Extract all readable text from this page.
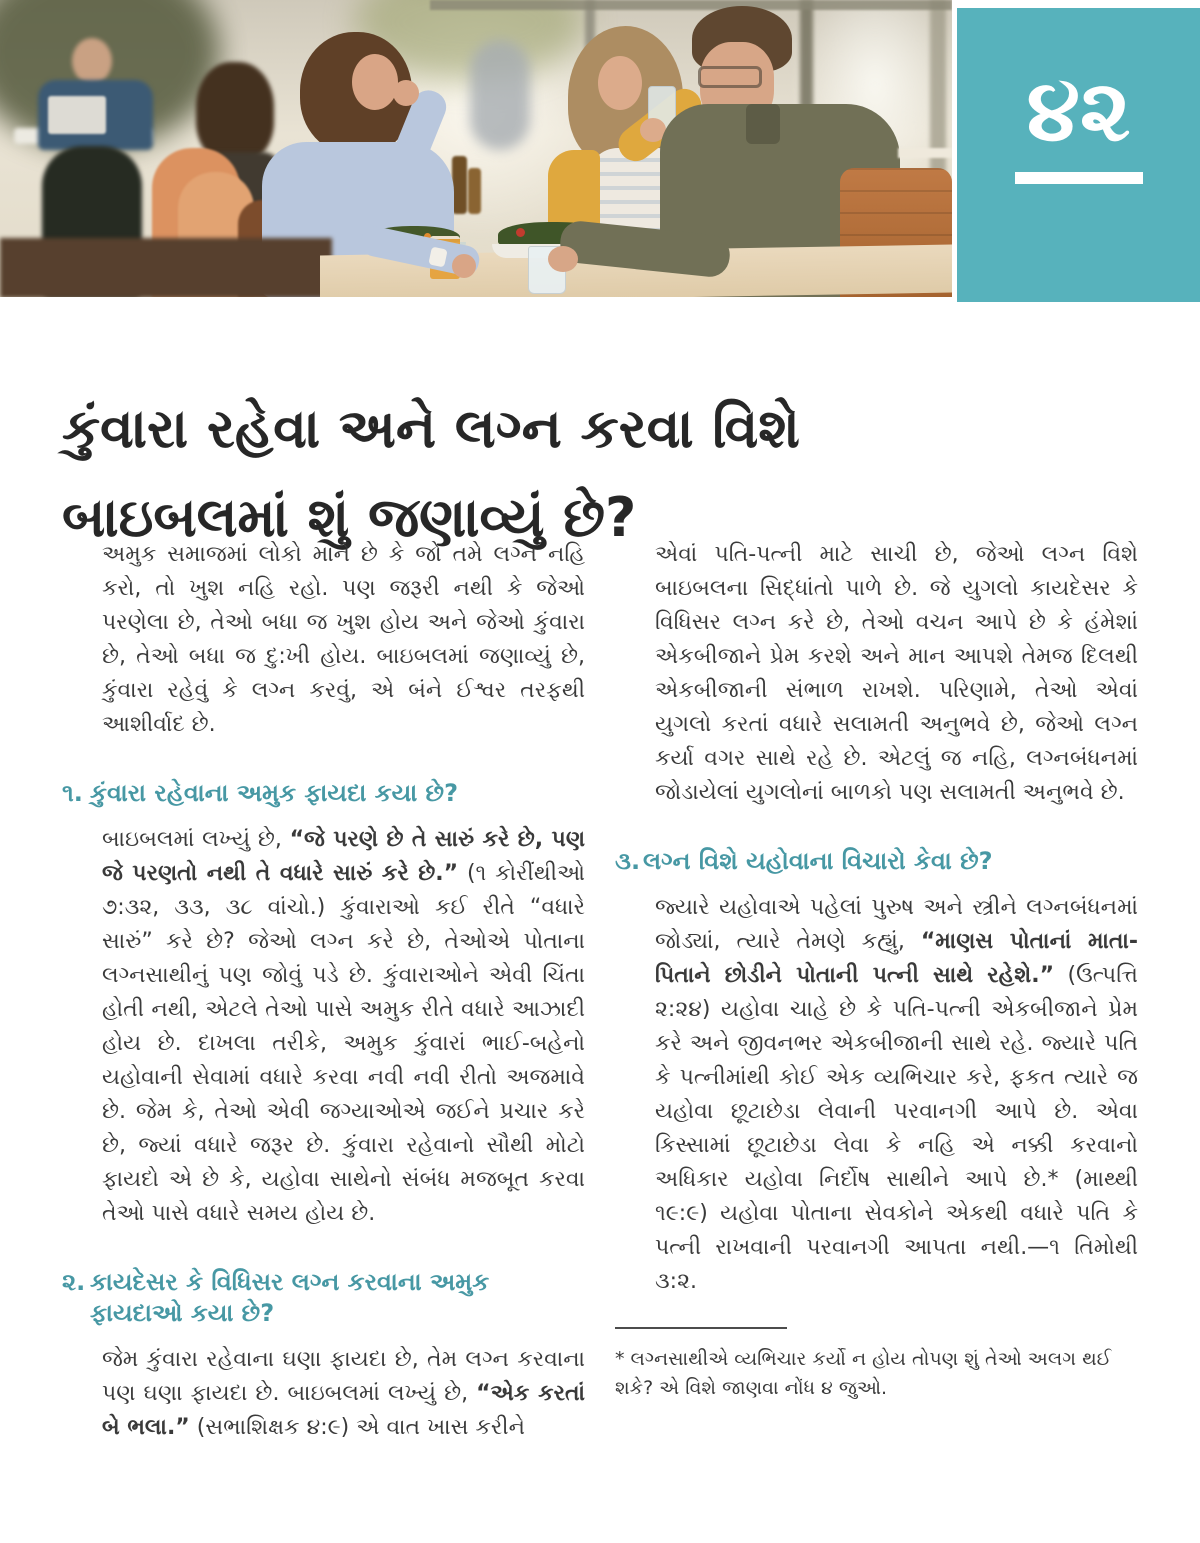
૪૨
કુંવારા રહેવા અને લગ્ન કરવા વિશે
બાઇબલમાં શું જણાવ્યું છે?

અમુક સમાજમાં લોકો માને છે કે જો તમે લગ્ન નહિ કરો, તો ખુશ નહિ રહો. પણ જરૂરી નથી કે જેઓ પરણેલા છે, તેઓ બધા જ ખુશ હોય અને જેઓ કુંવારા છે, તેઓ બધા જ દુ:ખી હોય. બાઇબલમાં જણાવ્યું છે, કુંવારા રહેવું કે લગ્ન કરવું, એ બંને ઈશ્વર તરફથી આશીર્વાદ છે.

૧. કુંવારા રહેવાના અમુક ફાયદા કયા છે?

બાઇબલમાં લખ્યું છે, “જે પરણે છે તે સારું કરે છે, પણ જે પરણતો નથી તે વધારે સારું કરે છે.” (૧ કોરીંથીઓ ૭:૩૨, ૩૩, ૩૮ વાંચો.) કુંવારાઓ કઈ રીતે “વધારે સારું” કરે છે? જેઓ લગ્ન કરે છે, તેઓએ પોતાના લગ્નસાથીનું પણ જોવું પડે છે. કુંવારાઓને એવી ચિંતા હોતી નથી, એટલે તેઓ પાસે અમુક રીતે વધારે આઝાદી હોય છે. દાખલા તરીકે, અમુક કુંવારાં ભાઈ-બહેનો યહોવાની સેવામાં વધારે કરવા નવી નવી રીતો અજમાવે છે. જેમ કે, તેઓ એવી જગ્યાઓએ જઈને પ્રચાર કરે છે, જ્યાં વધારે જરૂર છે. કુંવારા રહેવાનો સૌથી મોટો ફાયદો એ છે કે, યહોવા સાથેનો સંબંધ મજબૂત કરવા તેઓ પાસે વધારે સમય હોય છે.

૨. કાયદેસર કે વિધિસર લગ્ન કરવાના અમુક ફાયદાઓ કયા છે?

જેમ કુંવારા રહેવાના ઘણા ફાયદા છે, તેમ લગ્ન કરવાના પણ ઘણા ફાયદા છે. બાઇબલમાં લખ્યું છે, “એક કરતાં બે ભલા.” (સભાશિક્ષક ૪:૯) એ વાત ખાસ કરીને

એવાં પતિ-પત્ની માટે સાચી છે, જેઓ લગ્ન વિશે બાઇબલના સિદ્ધાંતો પાળે છે. જે યુગલો કાયદેસર કે વિધિસર લગ્ન કરે છે, તેઓ વચન આપે છે કે હંમેશાં એકબીજાને પ્રેમ કરશે અને માન આપશે તેમજ દિલથી એકબીજાની સંભાળ રાખશે. પરિણામે, તેઓ એવાં યુગલો કરતાં વધારે સલામતી અનુભવે છે, જેઓ લગ્ન કર્યા વગર સાથે રહે છે. એટલું જ નહિ, લગ્નબંધનમાં જોડાયેલાં યુગલોનાં બાળકો પણ સલામતી અનુભવે છે.

૩. લગ્ન વિશે યહોવાના વિચારો કેવા છે?

જ્યારે યહોવાએ પહેલાં પુરુષ અને સ્ત્રીને લગ્નબંધનમાં જોડ્યાં, ત્યારે તેમણે કહ્યું, “માણસ પોતાનાં માતા-પિતાને છોડીને પોતાની પત્ની સાથે રહેશે.” (ઉત્પત્તિ ૨:૨૪) યહોવા ચાહે છે કે પતિ-પત્ની એકબીજાને પ્રેમ કરે અને જીવનભર એકબીજાની સાથે રહે. જ્યારે પતિ કે પત્નીમાંથી કોઈ એક વ્યભિચાર કરે, ફકત ત્યારે જ યહોવા છૂટાછેડા લેવાની પરવાનગી આપે છે. એવા કિસ્સામાં છૂટાછેડા લેવા કે નહિ એ નક્કી કરવાનો અધિકાર યહોવા નિર્દોષ સાથીને આપે છે.* (માથ્થી ૧૯:૯) યહોવા પોતાના સેવકોને એકથી વધારે પતિ કે પત્ની રાખવાની પરવાનગી આપતા નથી.—૧ તિમોથી ૩:૨.

* લગ્નસાથીએ વ્યભિચાર કર્યો ન હોય તોપણ શું તેઓ અલગ થઈ શકે? એ વિશે જાણવા નોંધ ૪ જુઓ.
